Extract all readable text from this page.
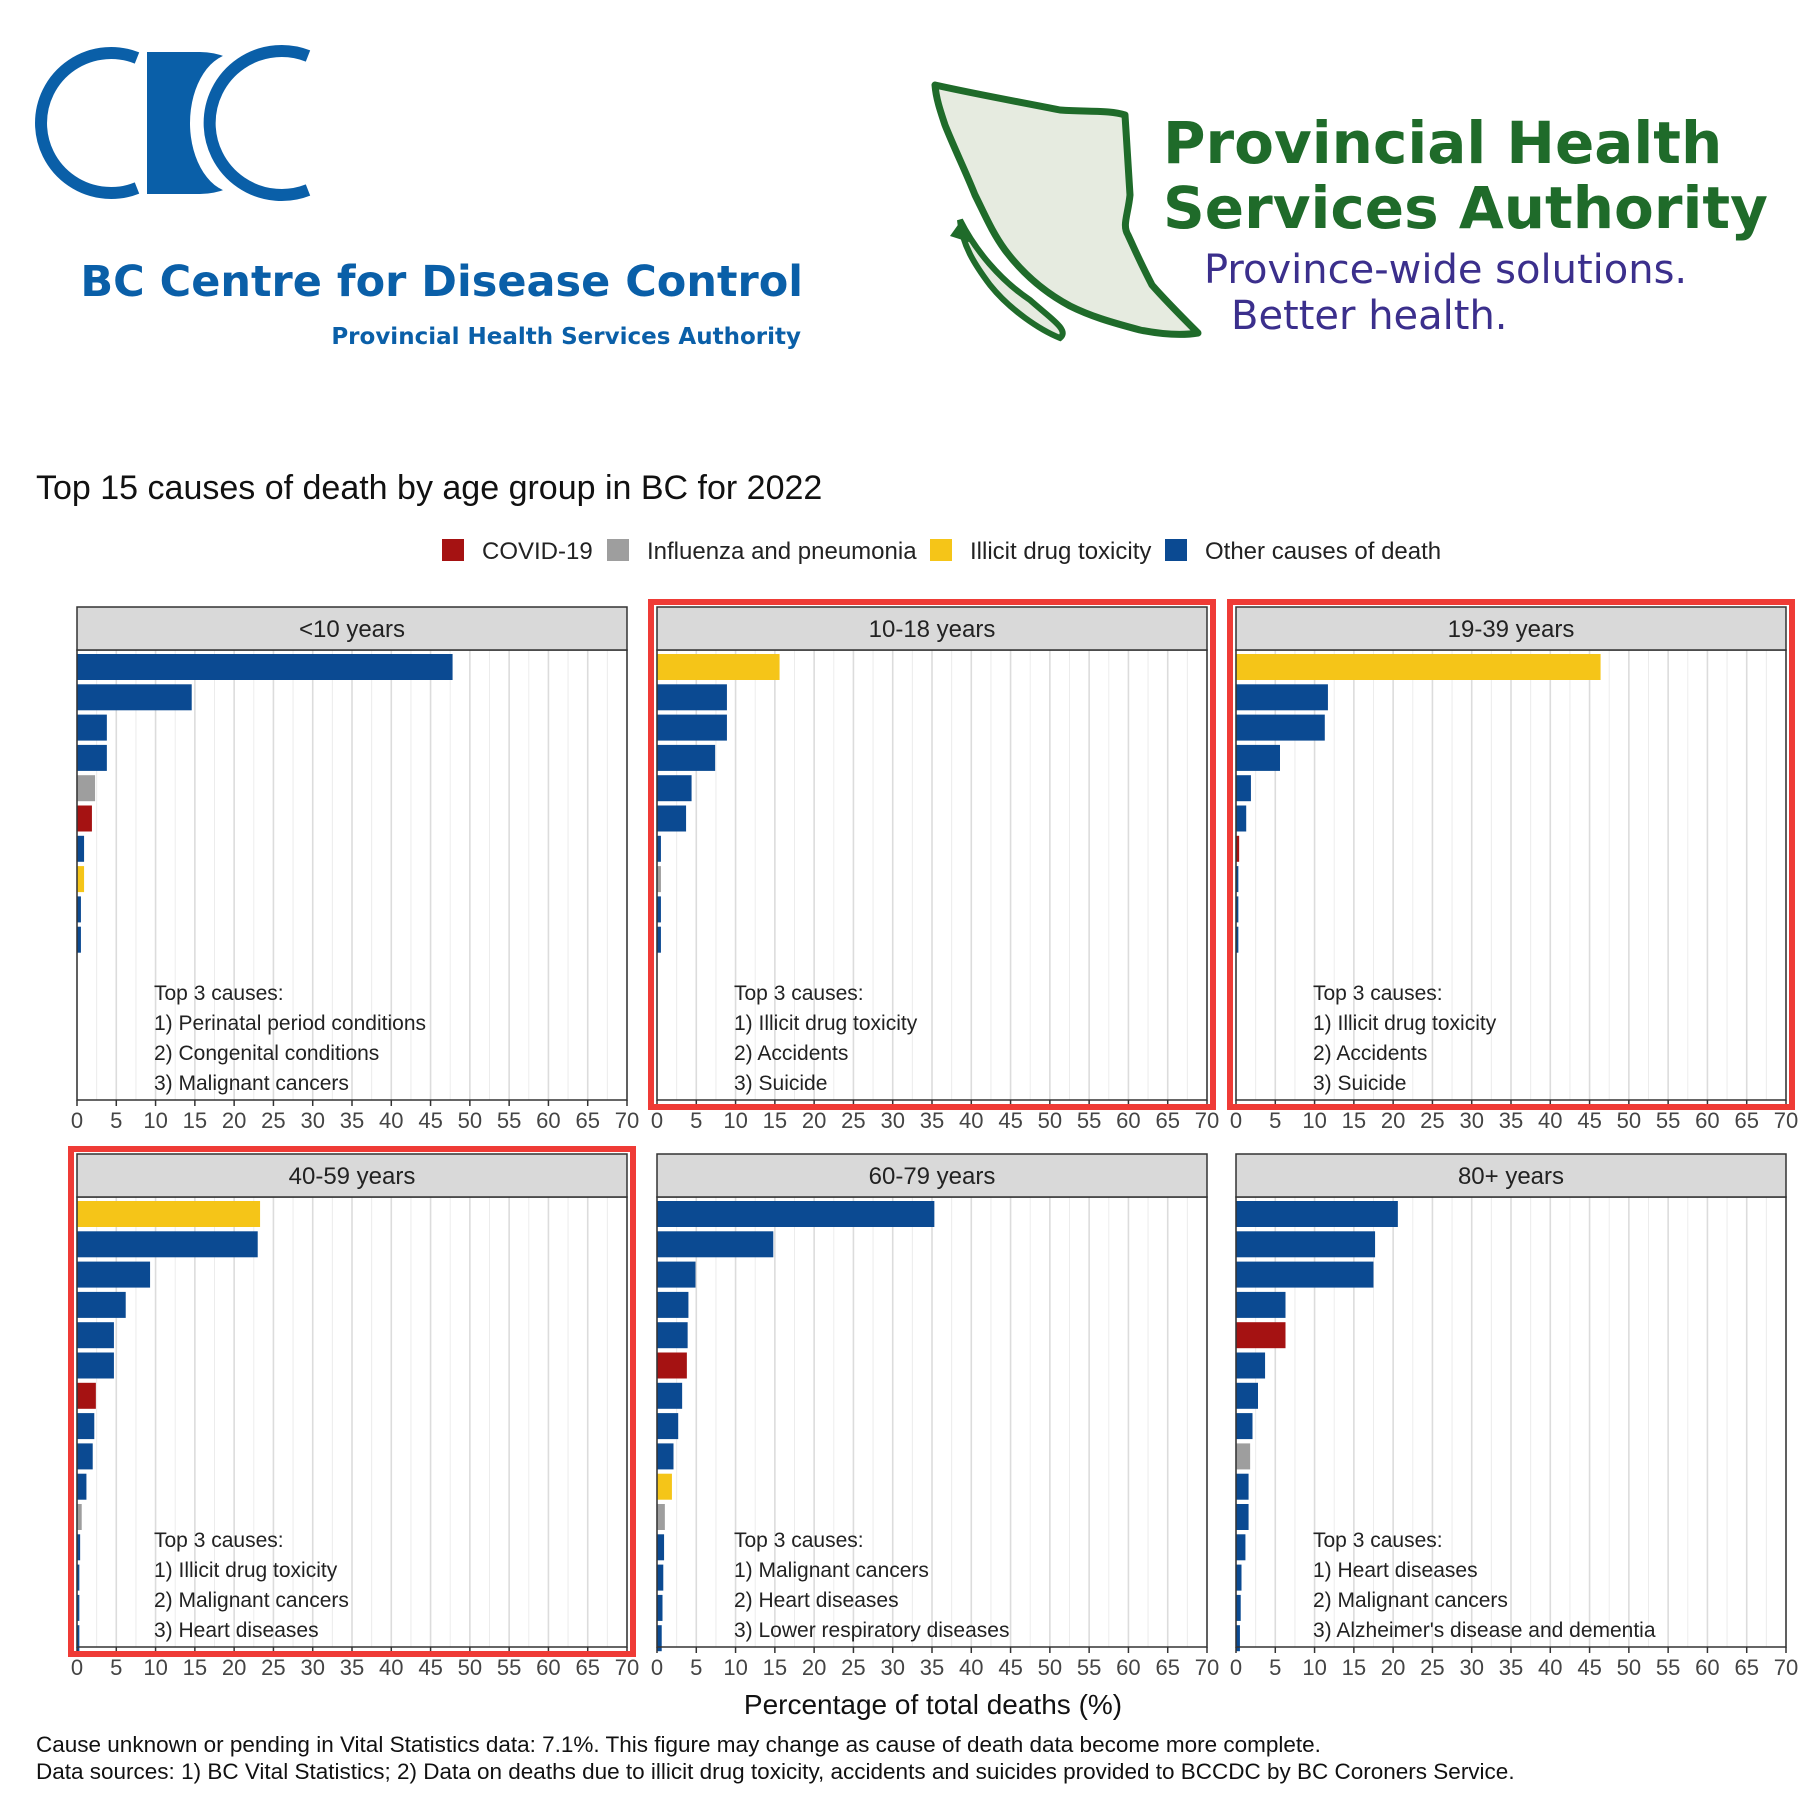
BC Centre for Disease Control
Provincial Health Services Authority
Provincial Health
Services Authority
Province-wide solutions.
Better health.
Top 15 causes of death by age group in BC for 2022
COVID-19 Influenza and pneumonia Illicit drug toxicity Other causes of death
<10 years
Top 3 causes:
1) Perinatal period conditions
2) Congenital conditions
3) Malignant cancers
0 5 10 15 20 25 30 35 40 45 50 55 60 65 70
10-18 years
Top 3 causes:
1) Illicit drug toxicity
2) Accidents
3) Suicide
0 5 10 15 20 25 30 35 40 45 50 55 60 65 70
19-39 years
Top 3 causes:
1) Illicit drug toxicity
2) Accidents
3) Suicide
0 5 10 15 20 25 30 35 40 45 50 55 60 65 70
40-59 years
Top 3 causes:
1) Illicit drug toxicity
2) Malignant cancers
3) Heart diseases
0 5 10 15 20 25 30 35 40 45 50 55 60 65 70
60-79 years
Top 3 causes:
1) Malignant cancers
2) Heart diseases
3) Lower respiratory diseases
0 5 10 15 20 25 30 35 40 45 50 55 60 65 70
80+ years
Top 3 causes:
1) Heart diseases
2) Malignant cancers
3) Alzheimer's disease and dementia
0 5 10 15 20 25 30 35 40 45 50 55 60 65 70
Percentage of total deaths (%)
Cause unknown or pending in Vital Statistics data: 7.1%. This figure may change as cause of death data become more complete.
Data sources: 1) BC Vital Statistics; 2) Data on deaths due to illicit drug toxicity, accidents and suicides provided to BCCDC by BC Coroners Service.
